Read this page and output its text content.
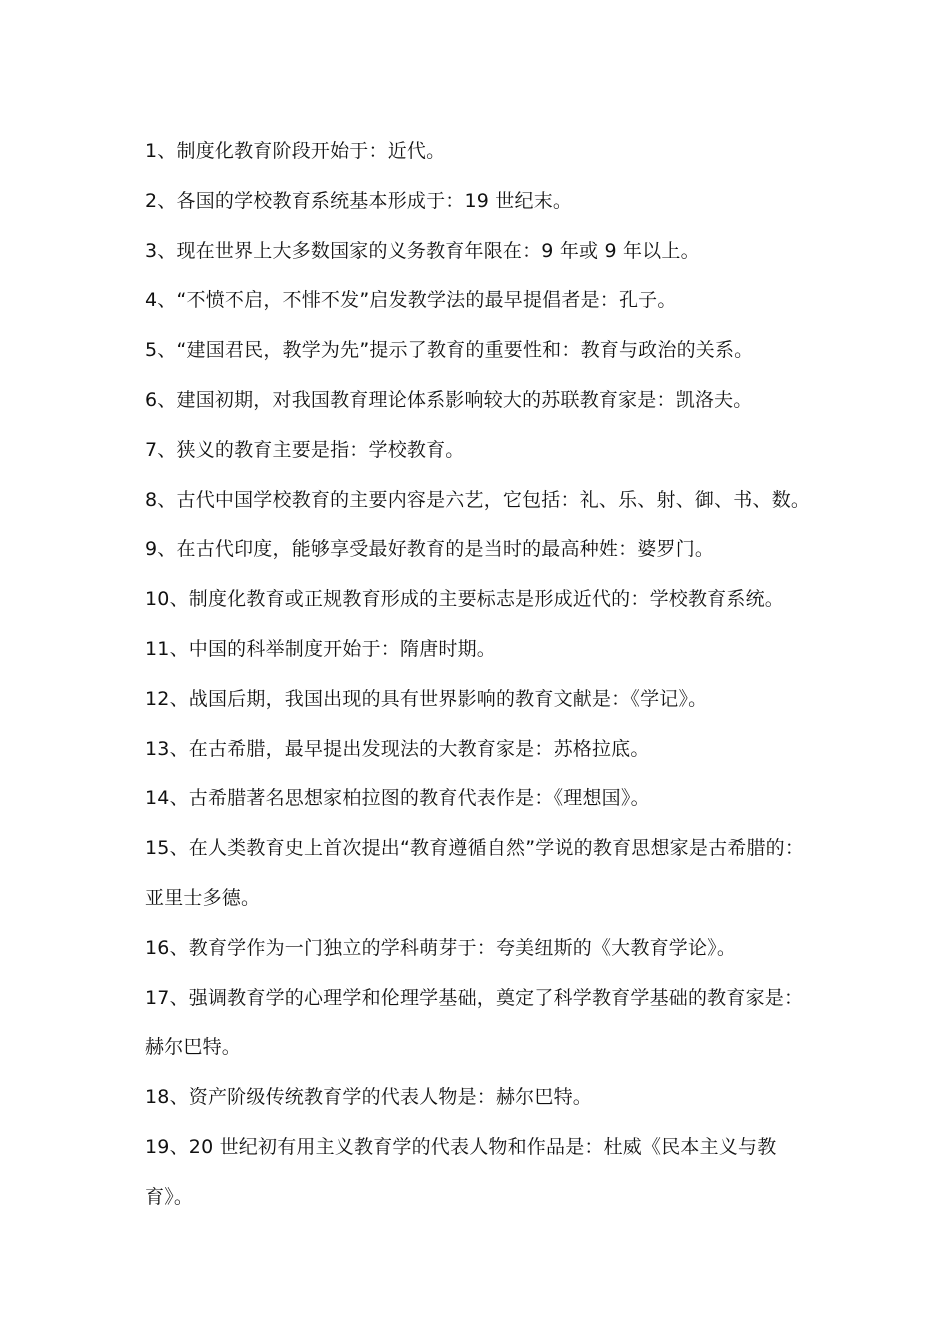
1、制度化教育阶段开始于：近代。
2、各国的学校教育系统基本形成于：19 世纪末。
3、现在世界上大多数国家的义务教育年限在：9 年或 9 年以上。
4、“不愤不启，不悱不发”启发教学法的最早提倡者是：孔子。
5、“建国君民，教学为先”提示了教育的重要性和：教育与政治的关系。
6、建国初期，对我国教育理论体系影响较大的苏联教育家是：凯洛夫。
7、狭义的教育主要是指：学校教育。
8、古代中国学校教育的主要内容是六艺，它包括：礼、乐、射、御、书、数。
9、在古代印度，能够享受最好教育的是当时的最高种姓：婆罗门。
10、制度化教育或正规教育形成的主要标志是形成近代的：学校教育系统。
11、中国的科举制度开始于：隋唐时期。
12、战国后期，我国出现的具有世界影响的教育文献是：《学记》。
13、在古希腊，最早提出发现法的大教育家是：苏格拉底。
14、古希腊著名思想家柏拉图的教育代表作是：《理想国》。
15、在人类教育史上首次提出“教育遵循自然”学说的教育思想家是古希腊的：
亚里士多德。
16、教育学作为一门独立的学科萌芽于：夸美纽斯的《大教育学论》。
17、强调教育学的心理学和伦理学基础，奠定了科学教育学基础的教育家是：
赫尔巴特。
18、资产阶级传统教育学的代表人物是：赫尔巴特。
19、20 世纪初有用主义教育学的代表人物和作品是：杜威《民本主义与教
育》。
